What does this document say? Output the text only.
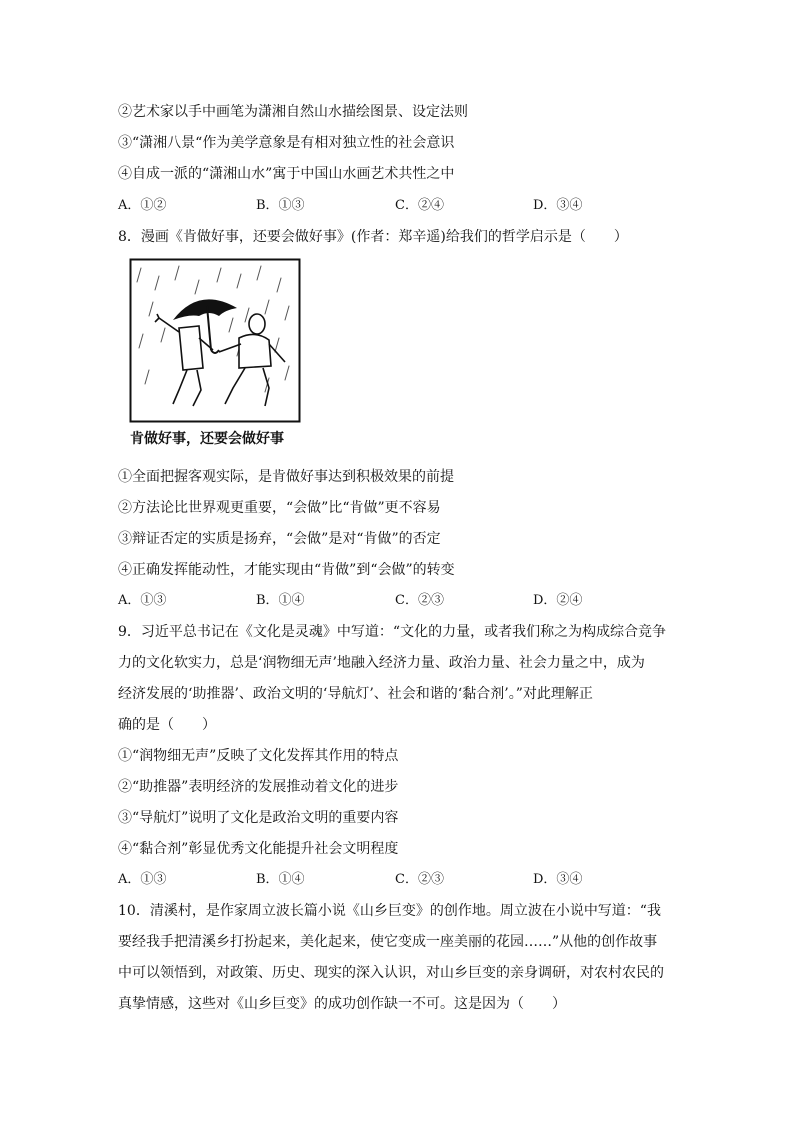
②艺术家以手中画笔为潇湘自然山水描绘图景、设定法则
③“潇湘八景“作为美学意象是有相对独立性的社会意识
④自成一派的“潇湘山水”寓于中国山水画艺术共性之中
A．①②	B．①③	C．②④	D．③④
8．漫画《肯做好事，还要会做好事》(作者：郑辛遥)给我们的哲学启示是（　　）
肯做好事，还要会做好事
①全面把握客观实际，是肯做好事达到积极效果的前提
②方法论比世界观更重要，“会做”比“肯做”更不容易
③辩证否定的实质是扬弃，“会做”是对“肯做”的否定
④正确发挥能动性，才能实现由“肯做”到“会做”的转变
A．①③	B．①④	C．②③	D．②④
9．习近平总书记在《文化是灵魂》中写道：“文化的力量，或者我们称之为构成综合竞争
力的文化软实力，总是‘润物细无声’地融入经济力量、政治力量、社会力量之中，成为
经济发展的‘助推器’、政治文明的‘导航灯’、社会和谐的‘黏合剂’。”对此理解正
确的是（　　）
①“润物细无声”反映了文化发挥其作用的特点
②“助推器”表明经济的发展推动着文化的进步
③“导航灯”说明了文化是政治文明的重要内容
④“黏合剂”彰显优秀文化能提升社会文明程度
A．①③	B．①④	C．②③	D．③④
10．清溪村，是作家周立波长篇小说《山乡巨变》的创作地。周立波在小说中写道：“我
要经我手把清溪乡打扮起来，美化起来，使它变成一座美丽的花园……”从他的创作故事
中可以领悟到，对政策、历史、现实的深入认识，对山乡巨变的亲身调研，对农村农民的
真挚情感，这些对《山乡巨变》的成功创作缺一不可。这是因为（　　）
